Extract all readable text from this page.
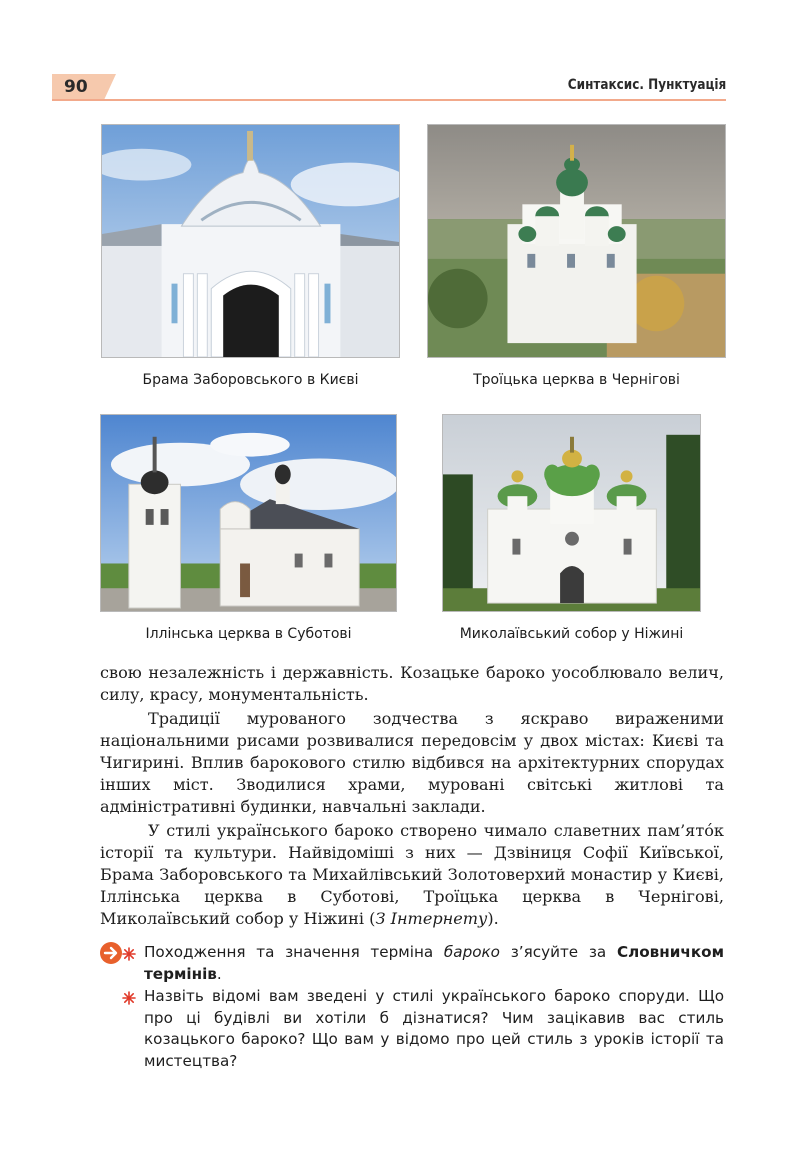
90	Синтаксис. Пунктуація
Брама Заборовського в Києві	Троїцька церква в Чернігові
Іллінська церква в Суботові	Миколаївський собор у Ніжині

свою незалежність і державність. Козацьке бароко уособлювало велич, силу, красу, монументальність.

Традиції мурованого зодчества з яскраво вираженими національними рисами розвивалися передовсім у двох містах: Києві та Чигирині. Вплив барокового стилю відбився на архітектурних спорудах інших міст. Зводилися храми, муровані світські житлові та адміністративні будинки, навчальні заклади.

У стилі українського бароко створено чимало славетних пам’ятóк історії та культури. Найвідоміші з них — Дзвіниця Софії Київської, Брама Заборовського та Михайлівський Золотоверхий монастир у Києві, Іллінська церква в Суботові, Троїцька церква в Чернігові, Миколаївський собор у Ніжині (З Інтернету).

Походження та значення терміна бароко з’ясуйте за Словничком термінів.
Назвіть відомі вам зведені у стилі українського бароко споруди. Що про ці будівлі ви хотіли б дізнатися? Чим зацікавив вас стиль козацького бароко? Що вам у відомо про цей стиль з уроків історії та мистецтва?
